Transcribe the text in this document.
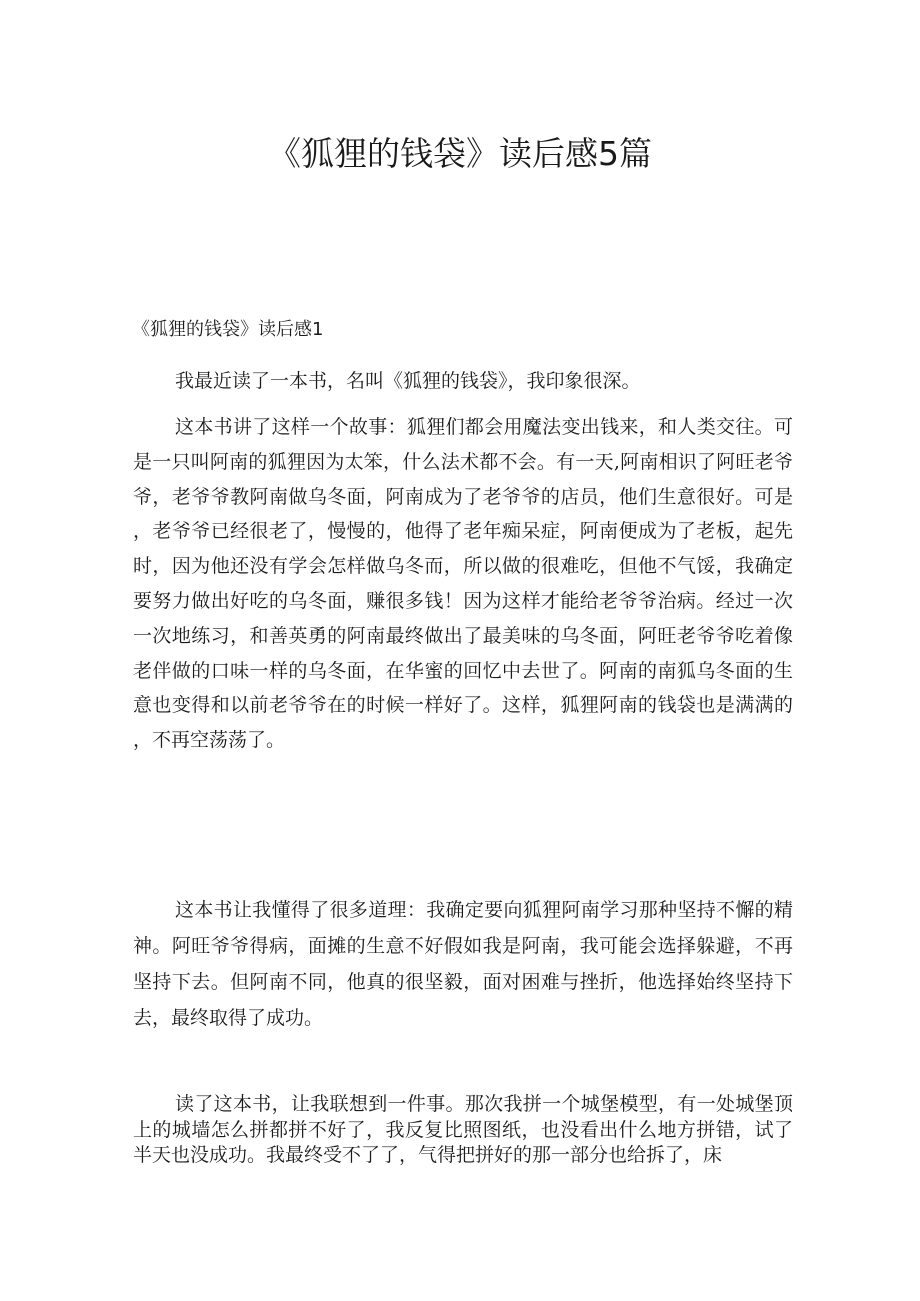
《狐狸的钱袋》读后感5篇
《狐狸的钱袋》读后感1

我最近读了一本书，名叫《狐狸的钱袋》，我印象很深。

这本书讲了这样一个故事：狐狸们都会用魔法变出钱来，和人类交往。可是一只叫阿南的狐狸因为太笨，什么法术都不会。有一天,阿南相识了阿旺老爷爷，老爷爷教阿南做乌冬面，阿南成为了老爷爷的店员，他们生意很好。可是，老爷爷已经很老了，慢慢的，他得了老年痴呆症，阿南便成为了老板，起先时，因为他还没有学会怎样做乌冬而，所以做的很难吃，但他不气馁，我确定要努力做出好吃的乌冬面，赚很多钱！因为这样才能给老爷爷治病。经过一次一次地练习，和善英勇的阿南最终做出了最美味的乌冬面，阿旺老爷爷吃着像老伴做的口味一样的乌冬面，在华蜜的回忆中去世了。阿南的南狐乌冬面的生意也变得和以前老爷爷在的时候一样好了。这样，狐狸阿南的钱袋也是满满的，不再空荡荡了。

这本书让我懂得了很多道理：我确定要向狐狸阿南学习那种坚持不懈的精神。阿旺爷爷得病，面摊的生意不好假如我是阿南，我可能会选择躲避，不再坚持下去。但阿南不同，他真的很坚毅，面对困难与挫折，他选择始终坚持下去，最终取得了成功。

读了这本书，让我联想到一件事。那次我拼一个城堡模型，有一处城堡顶上的城墙怎么拼都拼不好了，我反复比照图纸，也没看出什么地方拼错，试了半天也没成功。我最终受不了了，气得把拼好的那一部分也给拆了，床
